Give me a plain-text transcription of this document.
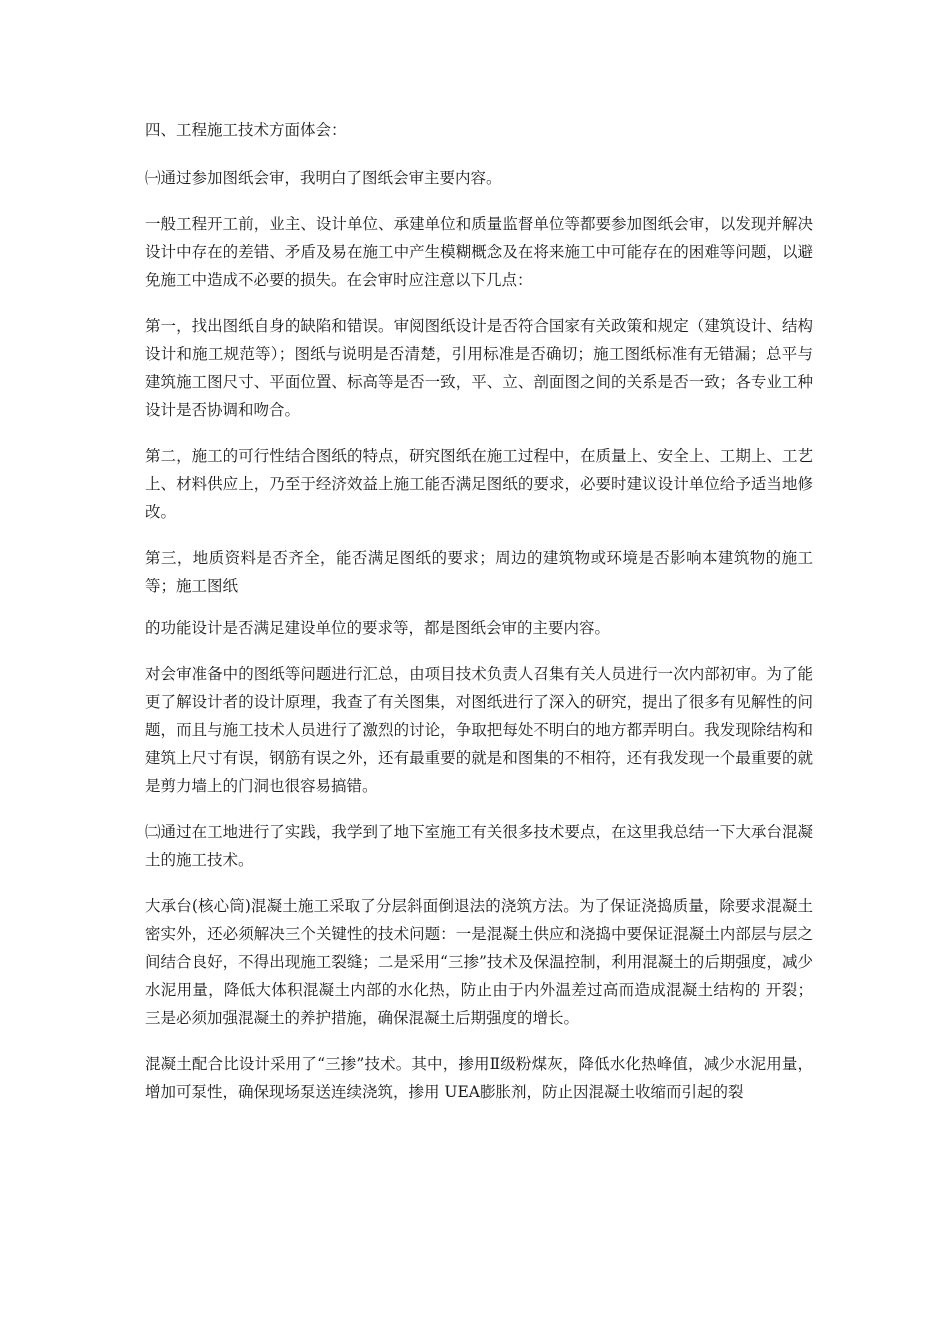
四、工程施工技术方面体会：

㈠通过参加图纸会审，我明白了图纸会审主要内容。

一般工程开工前，业主、设计单位、承建单位和质量监督单位等都要参加图纸会审，以发现并解决设计中存在的差错、矛盾及易在施工中产生模糊概念及在将来施工中可能存在的困难等问题，以避免施工中造成不必要的损失。在会审时应注意以下几点：

第一，找出图纸自身的缺陷和错误。审阅图纸设计是否符合国家有关政策和规定（建筑设计、结构设计和施工规范等）；图纸与说明是否清楚，引用标准是否确切；施工图纸标准有无错漏；总平与建筑施工图尺寸、平面位置、标高等是否一致，平、立、剖面图之间的关系是否一致；各专业工种设计是否协调和吻合。

第二，施工的可行性结合图纸的特点，研究图纸在施工过程中，在质量上、安全上、工期上、工艺上、材料供应上，乃至于经济效益上施工能否满足图纸的要求，必要时建议设计单位给予适当地修改。

第三，地质资料是否齐全，能否满足图纸的要求；周边的建筑物或环境是否影响本建筑物的施工等；施工图纸

的功能设计是否满足建设单位的要求等，都是图纸会审的主要内容。

对会审准备中的图纸等问题进行汇总，由项目技术负责人召集有关人员进行一次内部初审。为了能更了解设计者的设计原理，我查了有关图集，对图纸进行了深入的研究，提出了很多有见解性的问题，而且与施工技术人员进行了激烈的讨论，争取把每处不明白的地方都弄明白。我发现除结构和建筑上尺寸有误，钢筋有误之外，还有最重要的就是和图集的不相符，还有我发现一个最重要的就是剪力墙上的门洞也很容易搞错。

㈡通过在工地进行了实践，我学到了地下室施工有关很多技术要点，在这里我总结一下大承台混凝土的施工技术。

大承台(核心筒)混凝土施工采取了分层斜面倒退法的浇筑方法。为了保证浇捣质量，除要求混凝土密实外，还必须解决三个关键性的技术问题：一是混凝土供应和浇捣中要保证混凝土内部层与层之间结合良好，不得出现施工裂缝；二是采用“三掺”技术及保温控制，利用混凝土的后期强度，减少水泥用量，降低大体积混凝土内部的水化热，防止由于内外温差过高而造成混凝土结构的 开裂；三是必须加强混凝土的养护措施，确保混凝土后期强度的增长。

混凝土配合比设计采用了“三掺”技术。其中，掺用Ⅱ级粉煤灰，降低水化热峰值，减少水泥用量，增加可泵性，确保现场泵送连续浇筑，掺用 UEA膨胀剂，防止因混凝土收缩而引起的裂
